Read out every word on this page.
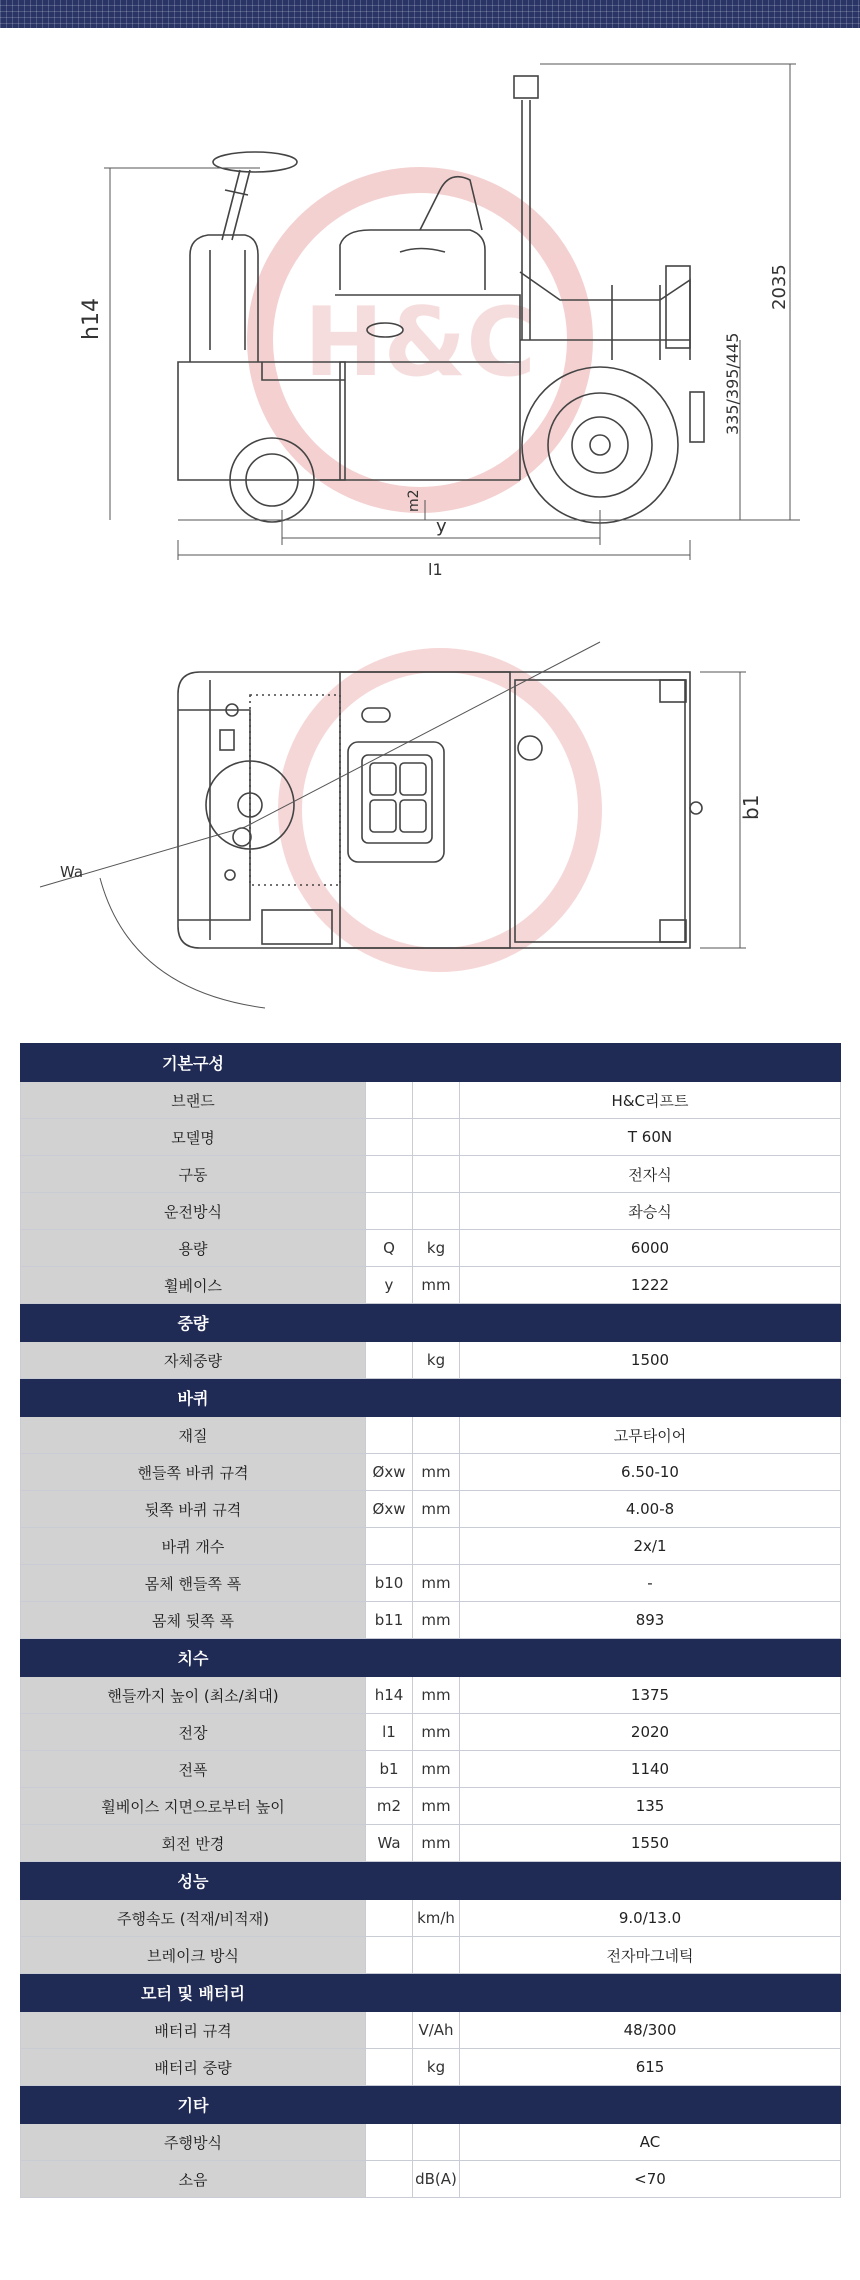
H&C
h14
2035
335/395/445
m2
y
l1
Wa
b1
기본구성			
브랜드			H&C리프트
모델명			T 60N
구동			전자식
운전방식			좌승식
용량	Q	kg	6000
휠베이스	y	mm	1222
중량			
자체중량		kg	1500
바퀴			
재질			고무타이어
핸들쪽 바퀴 규격	Øxw	mm	6.50-10
뒷쪽 바퀴 규격	Øxw	mm	4.00-8
바퀴 개수			2x/1
몸체 핸들쪽 폭	b10	mm	-
몸체 뒷쪽 폭	b11	mm	893
치수			
핸들까지 높이 (최소/최대)	h14	mm	1375
전장	l1	mm	2020
전폭	b1	mm	1140
휠베이스 지면으로부터 높이	m2	mm	135
회전 반경	Wa	mm	1550
성능			
주행속도 (적재/비적재)		km/h	9.0/13.0
브레이크 방식			전자마그네틱
모터 및 배터리			
배터리 규격		V/Ah	48/300
배터리 중량		kg	615
기타			
주행방식			AC
소음		dB(A)	<70
